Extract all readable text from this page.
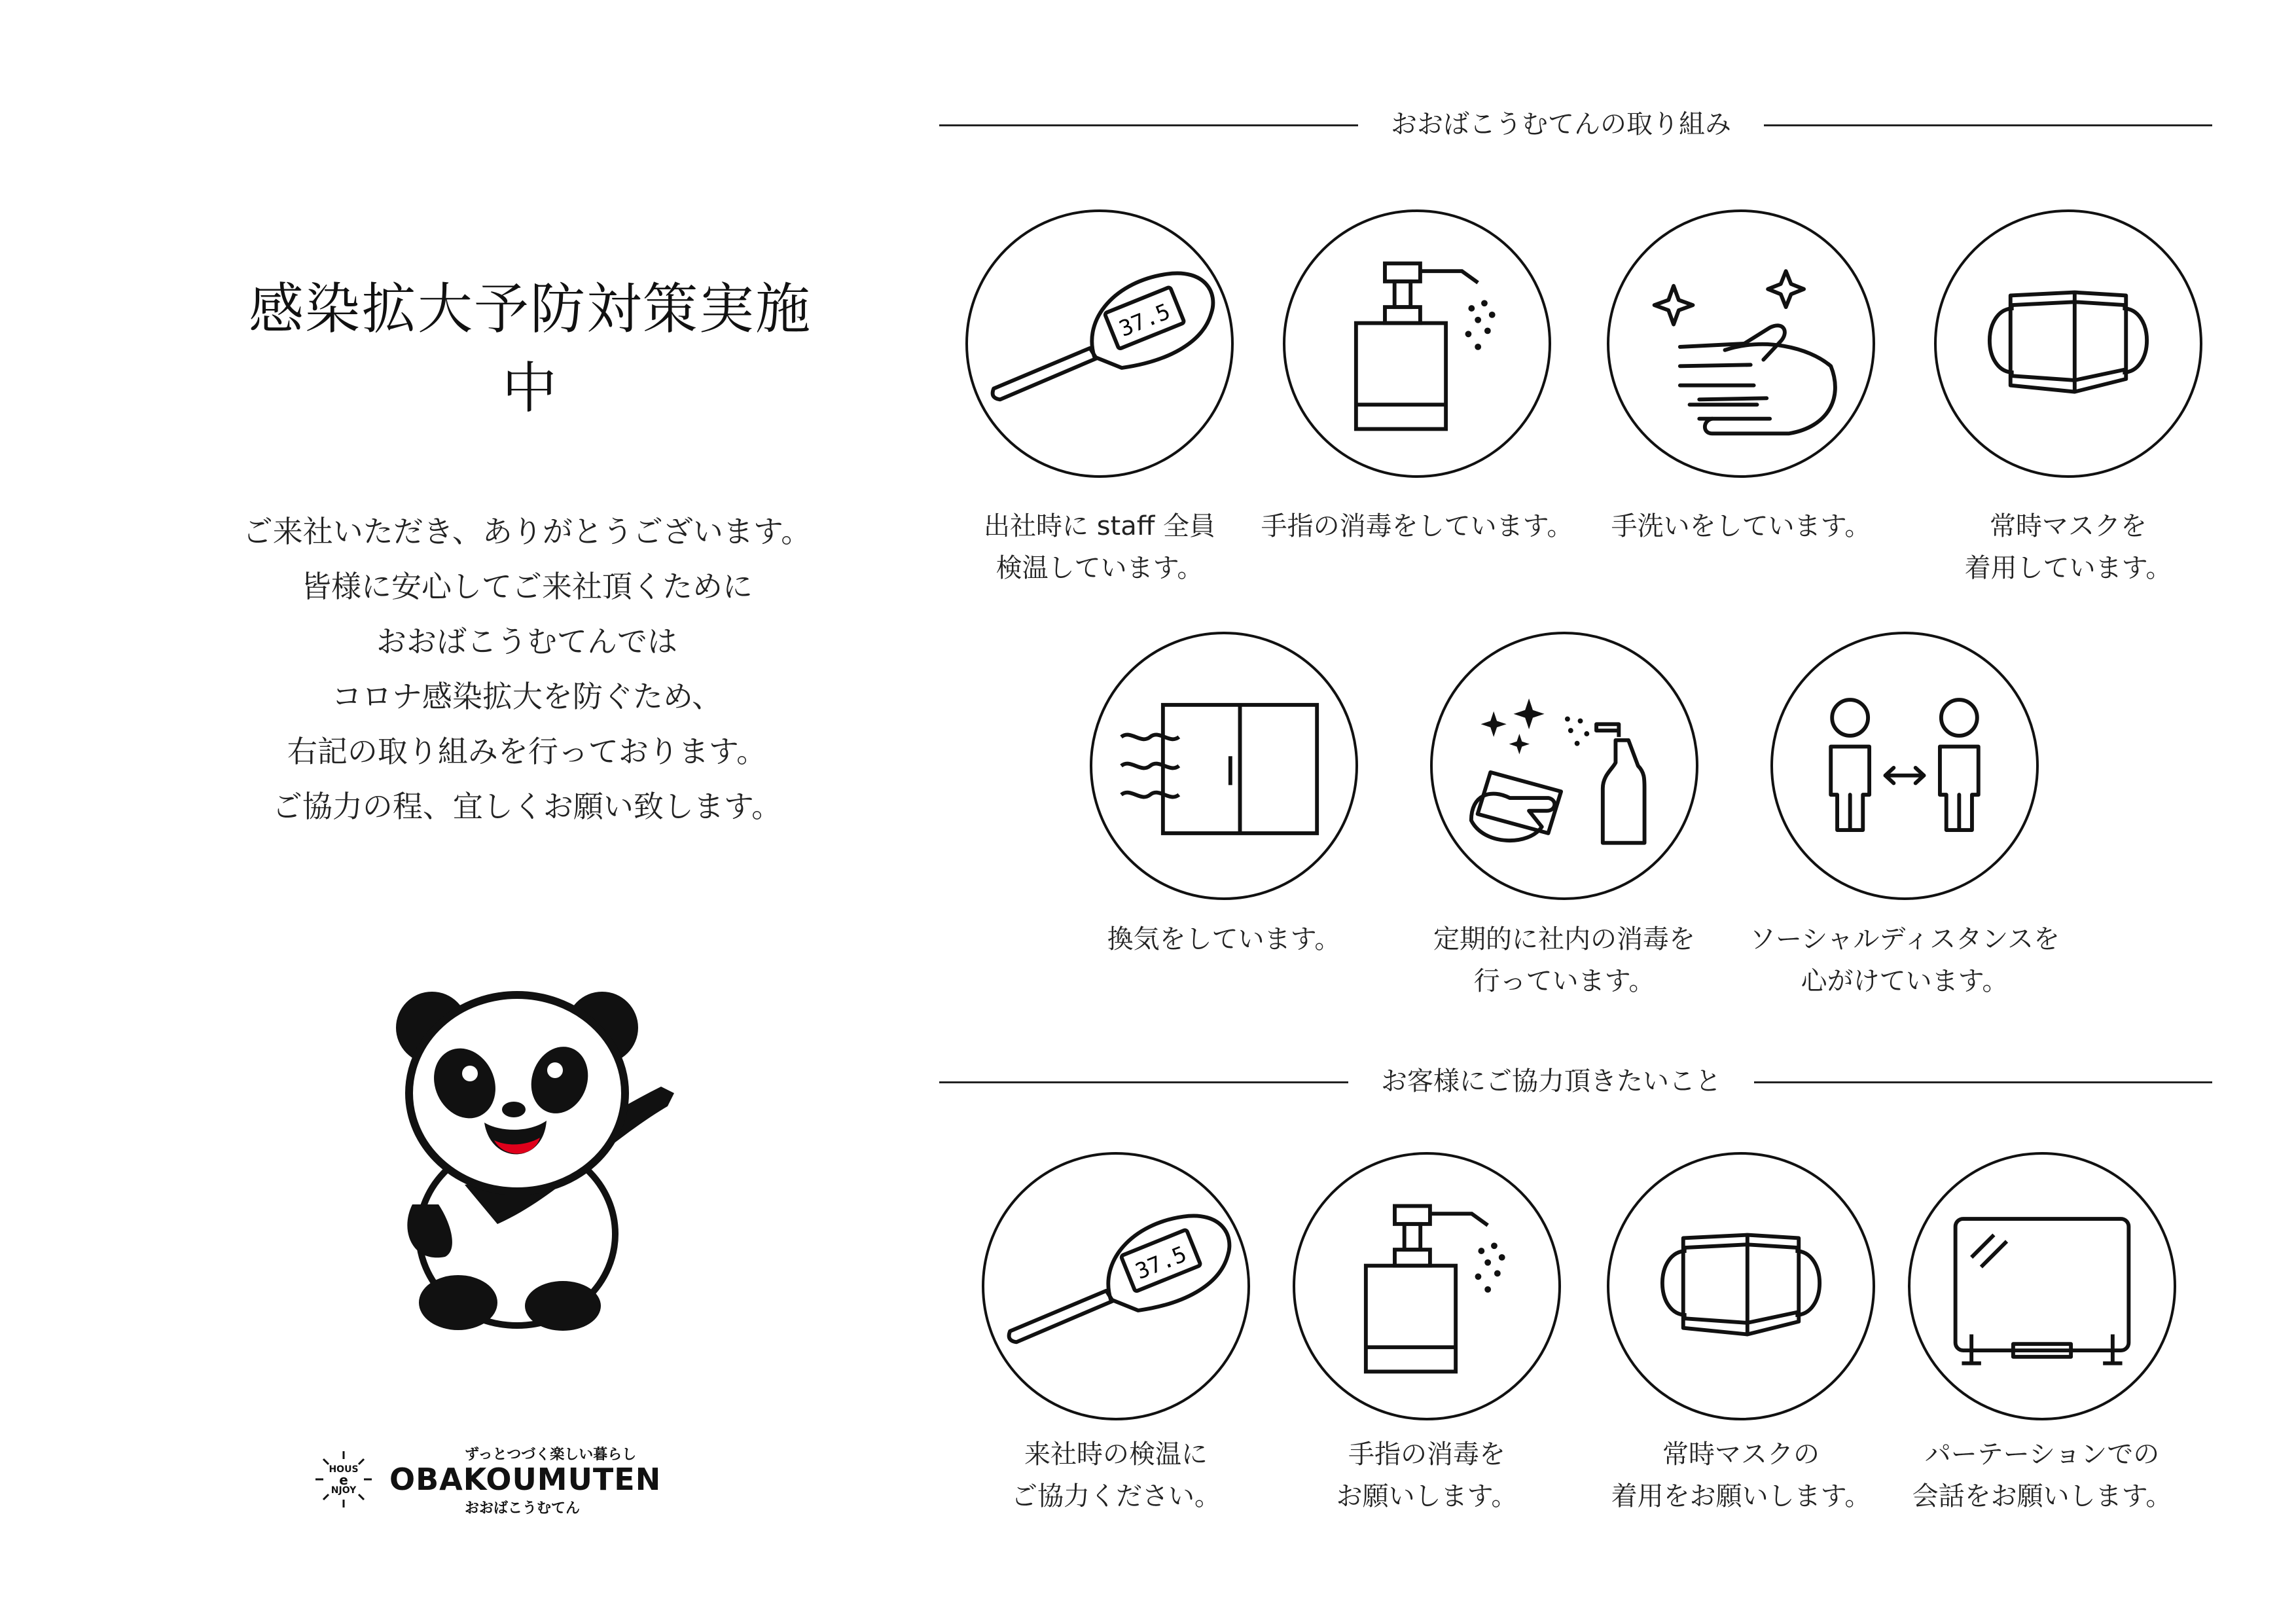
感染拡大予防対策実施中
ご来社いただき、ありがとうございます。
皆様に安心してご来社頂くために
おおばこうむてんでは
コロナ感染拡大を防ぐため、
右記の取り組みを行っております。
ご協力の程、宜しくお願い致します。
HOUS
e
NJOY
ずっとつづく楽しい暮らし
OBAKOUMUTEN
おおばこうむてん
おおばこうむてんの取り組み
37.5
出社時に staff 全員
検温しています。
手指の消毒をしています。	手洗いをしています。	常時マスクを
着用しています。
換気をしています。	定期的に社内の消毒を
行っています。
ソーシャルディスタンスを
心がけています。
お客様にご協力頂きたいこと
37.5
来社時の検温に
ご協力ください。
手指の消毒を
お願いします。
常時マスクの
着用をお願いします。
パーテーションでの
会話をお願いします。
